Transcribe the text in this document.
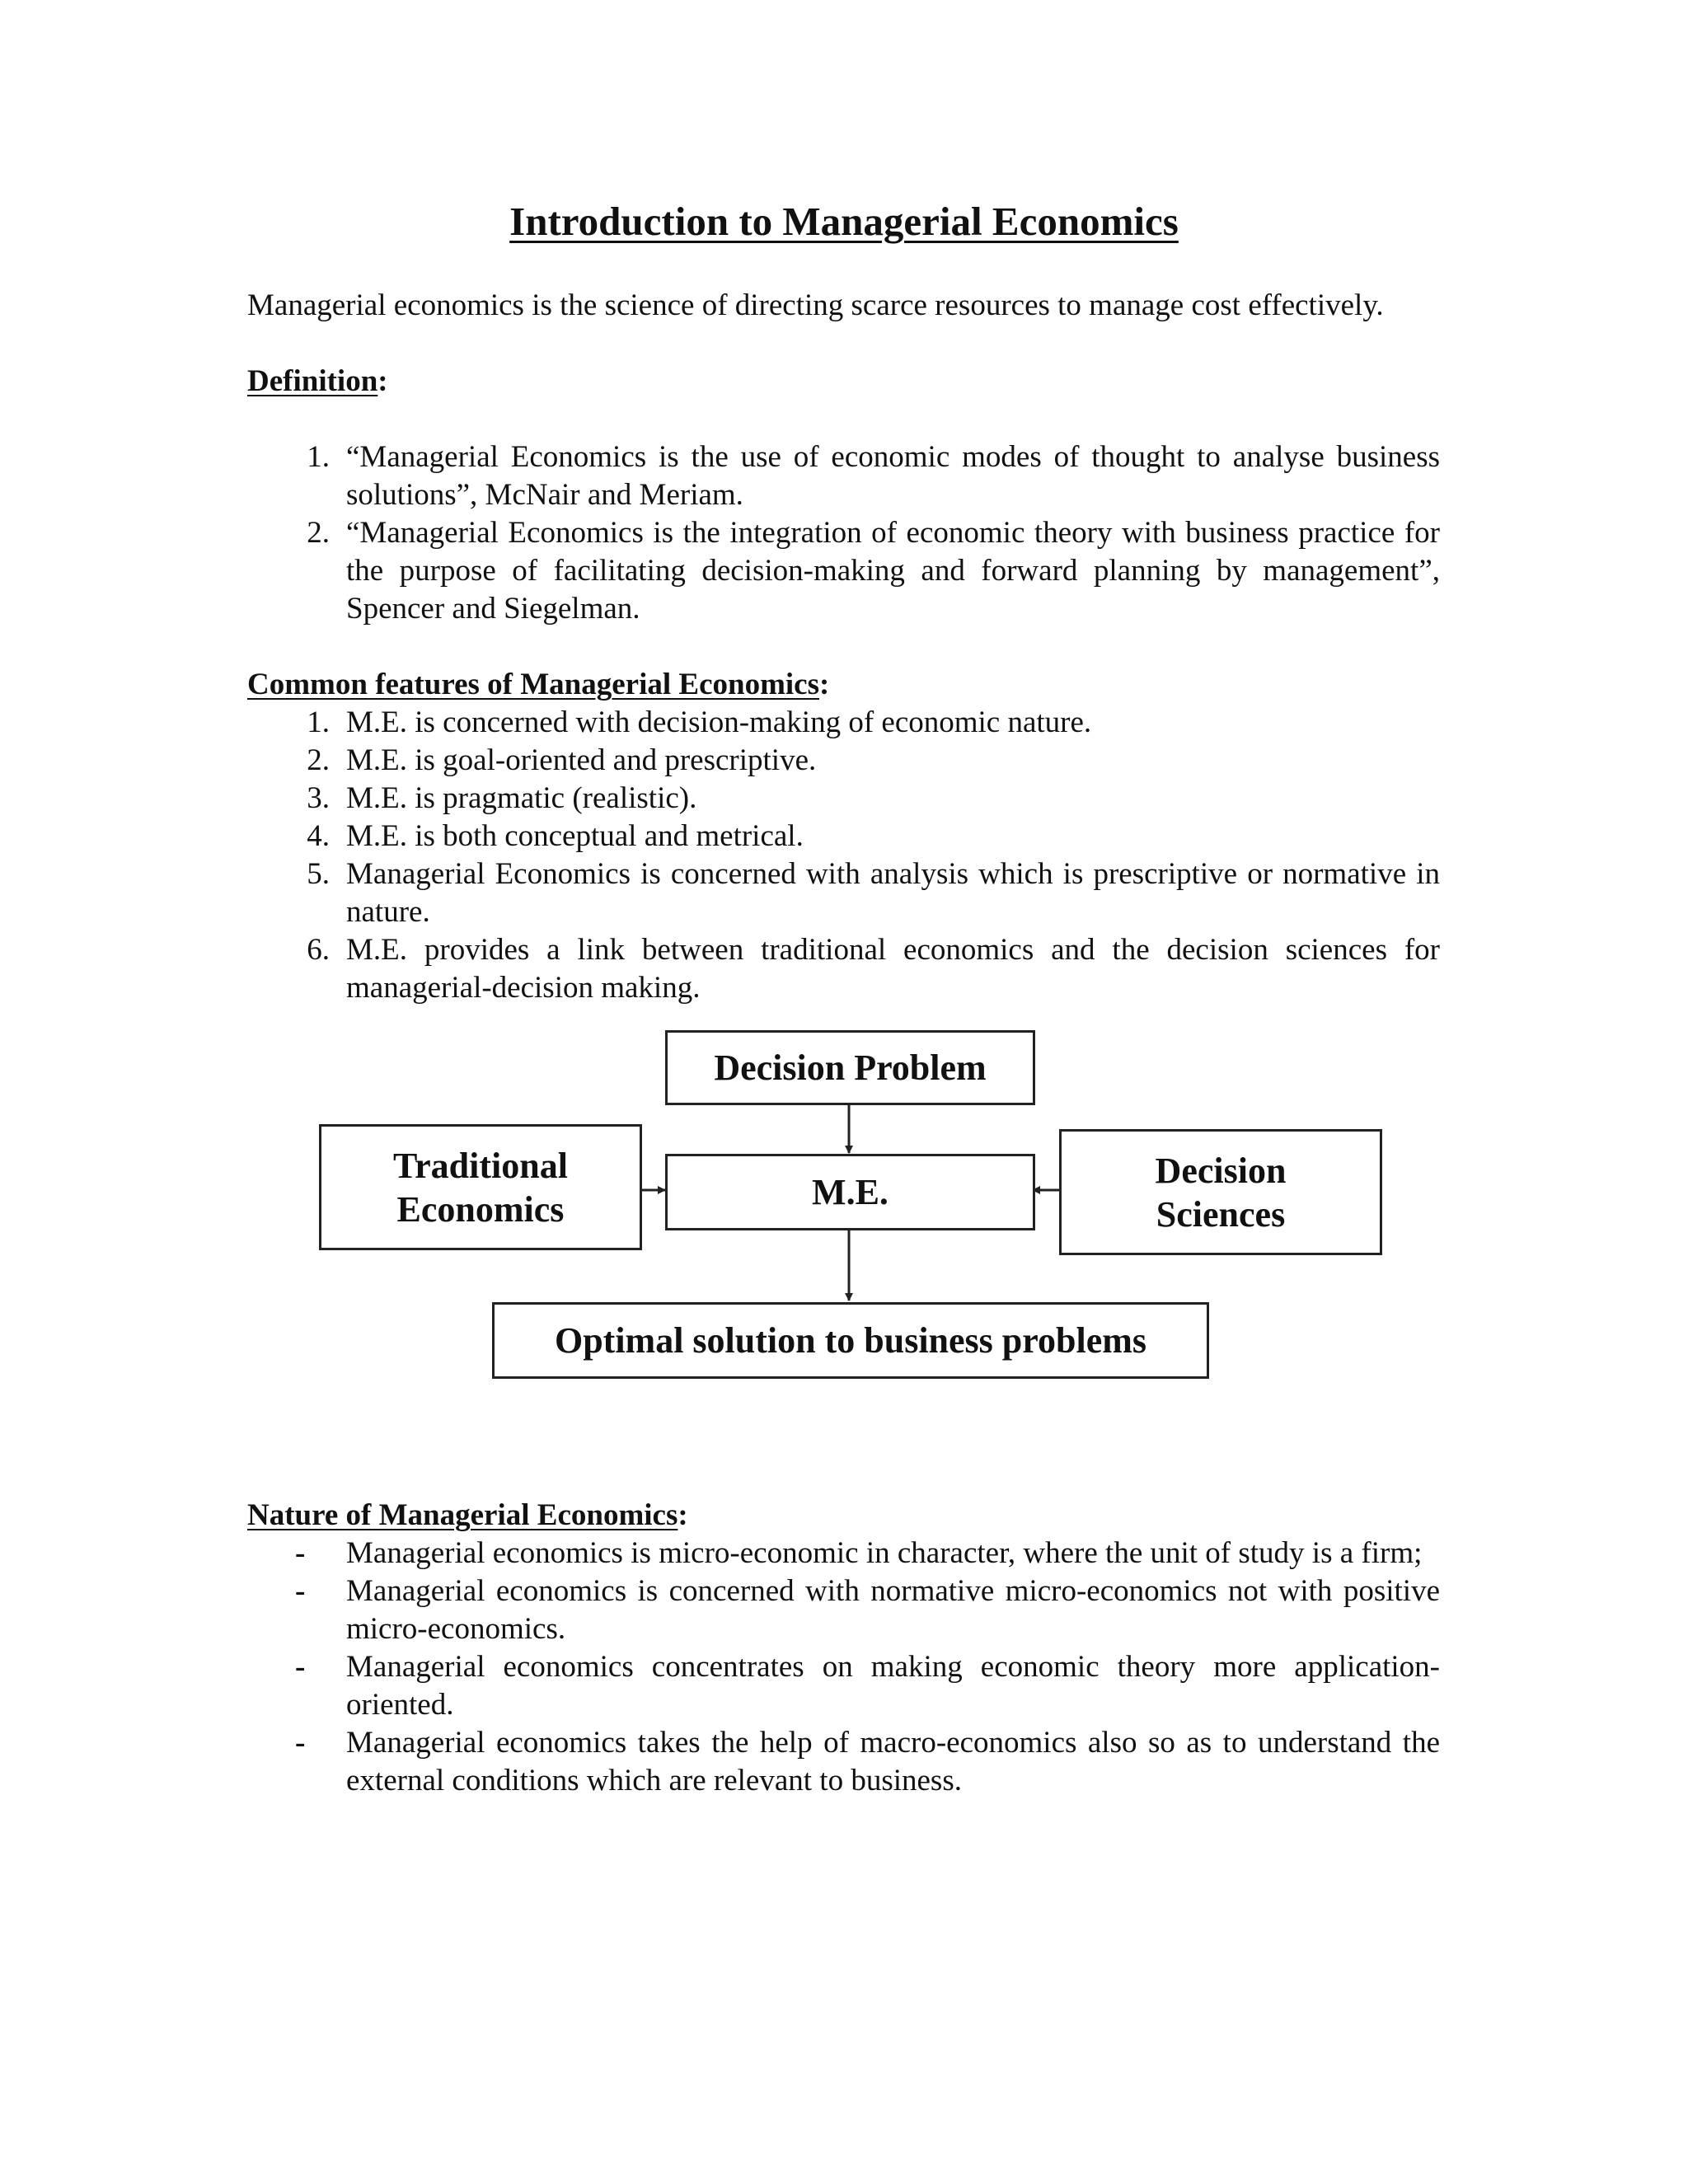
Introduction to Managerial Economics

Managerial economics is the science of directing scarce resources to manage cost effectively.

Definition:

1. “Managerial Economics is the use of economic modes of thought to analyse business solutions”, McNair and Meriam.
2. “Managerial Economics is the integration of economic theory with business practice for the purpose of facilitating decision-making and forward planning by management”, Spencer and Siegelman.

Common features of Managerial Economics:

1. M.E. is concerned with decision-making of economic nature.
2. M.E. is goal-oriented and prescriptive.
3. M.E. is pragmatic (realistic).
4. M.E. is both conceptual and metrical.
5. Managerial Economics is concerned with analysis which is prescriptive or normative in nature.
6. M.E. provides a link between traditional economics and the decision sciences for managerial-decision making.
Decision Problem
Traditional
Economics	M.E.
Decision
Sciences
Optimal solution to business problems

Nature of Managerial Economics:

- Managerial economics is micro-economic in character, where the unit of study is a firm;
- Managerial economics is concerned with normative micro-economics not with positive micro-economics.
- Managerial economics concentrates on making economic theory more application-oriented.
- Managerial economics takes the help of macro-economics also so as to understand the external conditions which are relevant to business.
